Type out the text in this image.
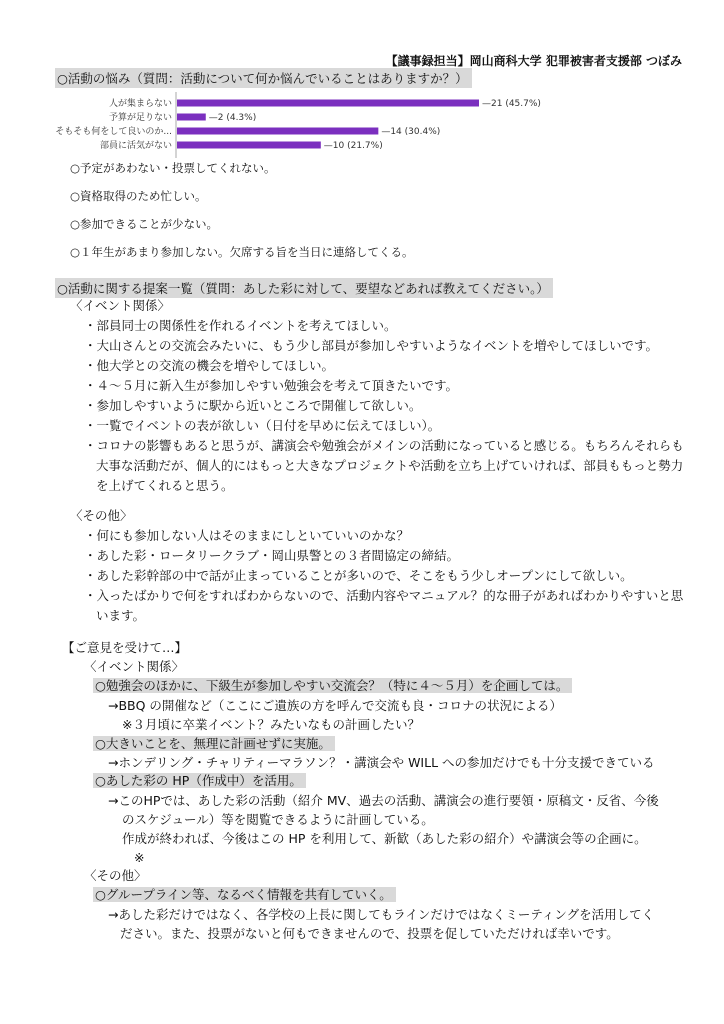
【議事録担当】岡山商科大学 犯罪被害者支援部 つぼみ
○活動の悩み（質問：活動について何か悩んでいることはありますか？）
人が集まらない	—21 (45.7%)
予算が足りない	—2 (4.3%)
そもそも何をして良いのか...	—14 (30.4%)
部員に活気がない	—10 (21.7%)
○予定があわない・投票してくれない。
○資格取得のため忙しい。
○参加できることが少ない。
○１年生があまり参加しない。欠席する旨を当日に連絡してくる。
○活動に関する提案一覧（質問：あした彩に対して、要望などあれば教えてください。）
〈イベント関係〉
・部員同士の関係性を作れるイベントを考えてほしい。
・大山さんとの交流会みたいに、もう少し部員が参加しやすいようなイベントを増やしてほしいです。
・他大学との交流の機会を増やしてほしい。
・４～５月に新入生が参加しやすい勉強会を考えて頂きたいです。
・参加しやすいように駅から近いところで開催して欲しい。
・一覧でイベントの表が欲しい（日付を早めに伝えてほしい）。
・コロナの影響もあると思うが、講演会や勉強会がメインの活動になっていると感じる。もちろんそれらも大事な活動だが、個人的にはもっと大きなプロジェクトや活動を立ち上げていければ、部員ももっと勢力を上げてくれると思う。
〈その他〉
・何にも参加しない人はそのままにしといていいのかな？
・あした彩・ロータリークラブ・岡山県警との３者間協定の締結。
・あした彩幹部の中で話が止まっていることが多いので、そこをもう少しオープンにして欲しい。
・入ったばかりで何をすればわからないので、活動内容やマニュアル？的な冊子があればわかりやすいと思います。
【ご意見を受けて…】
〈イベント関係〉
○勉強会のほかに、下級生が参加しやすい交流会？（特に４～５月）を企画しては。
→BBQ の開催など（ここにご遺族の方を呼んで交流も良・コロナの状況による）
※３月頃に卒業イベント？みたいなもの計画したい？
○大きいことを、無理に計画せずに実施。
→ホンデリング・チャリティーマラソン？・講演会や WILL への参加だけでも十分支援できている
○あした彩の HP（作成中）を活用。
→このHPでは、あした彩の活動（紹介 MV、過去の活動、講演会の進行要領・原稿文・反省、今後
のスケジュール）等を閲覧できるように計画している。
作成が終われば、今後はこの HP を利用して、新歓（あした彩の紹介）や講演会等の企画に。
※
〈その他〉
○グループライン等、なるべく情報を共有していく。
→あした彩だけではなく、各学校の上長に関してもラインだけではなくミーティングを活用してく
ださい。また、投票がないと何もできませんので、投票を促していただければ幸いです。
